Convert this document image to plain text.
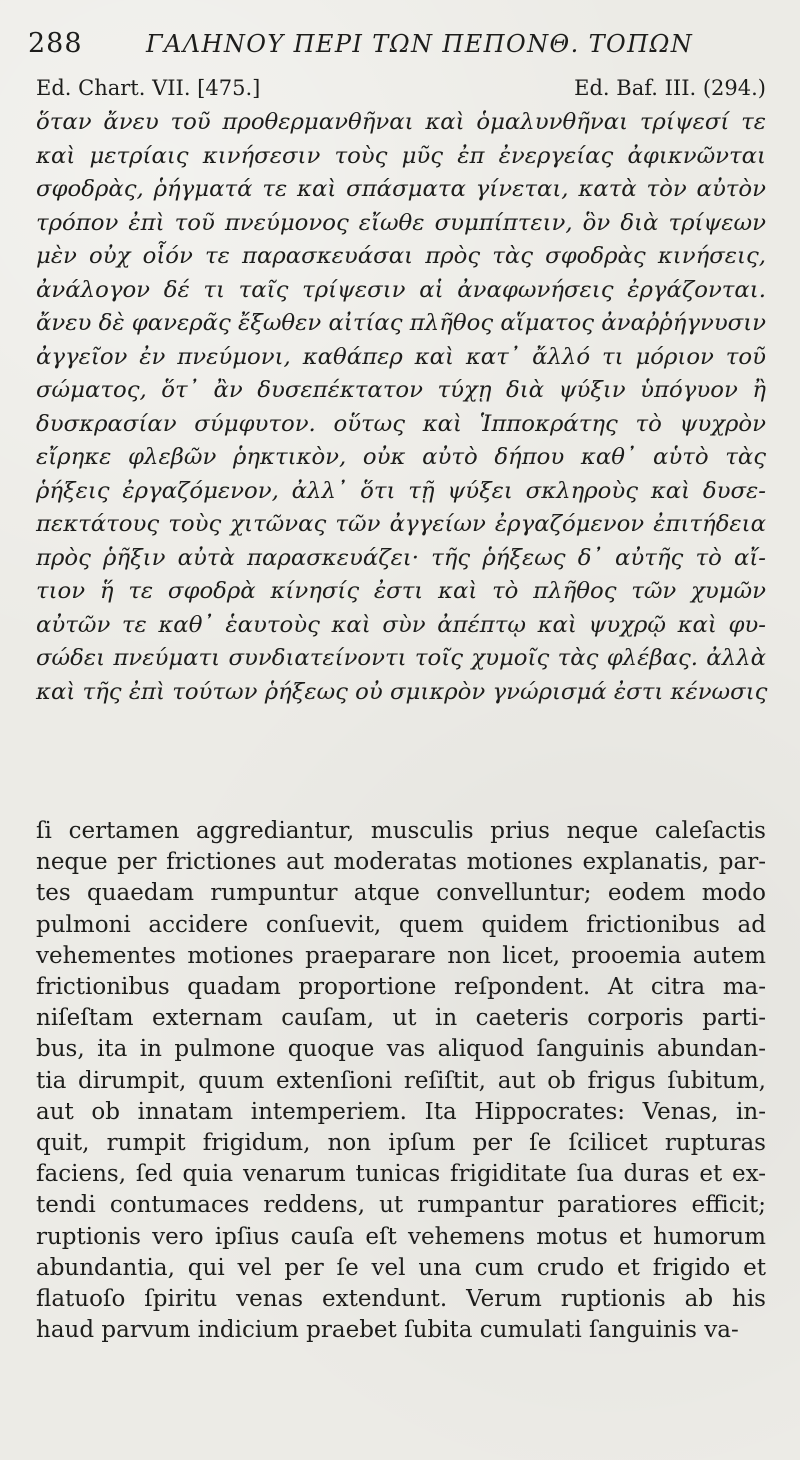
288	ΓΑΛΗΝΟΥ ΠΕΡΙ ΤΩΝ ΠΕΠΟΝΘ. ΤΟΠΩΝ
Ed. Chart. VII. [475.]	Ed. Baf. III. (294.)
ὅταν ἄνευ τοῦ προθερμανθῆναι καὶ ὁμαλυνθῆναι τρίψεσί τε
καὶ μετρίαις κινήσεσιν τοὺς μῦς ἐπ ἐνεργείας ἀφικνῶνται
σφοδρὰς, ῥήγματά τε καὶ σπάσματα γίνεται, κατὰ τὸν αὐτὸν
τρόπον ἐπὶ τοῦ πνεύμονος εἴωθε συμπίπτειν, ὃν διὰ τρίψεων
μὲν οὐχ οἷόν τε παρασκευάσαι πρὸς τὰς σφοδρὰς κινήσεις,
ἀνάλογον δέ τι ταῖς τρίψεσιν αἱ ἀναφωνήσεις ἐργάζονται.
ἄνευ δὲ φανερᾶς ἔξωθεν αἰτίας πλῆθος αἵματος ἀναῤῥήγνυσιν
ἀγγεῖον ἐν πνεύμονι, καθάπερ καὶ κατ᾽ ἄλλό τι μόριον τοῦ
σώματος, ὅτ᾽ ἂν δυσεπέκτατον τύχῃ διὰ ψύξιν ὑπόγυον ἢ
δυσκρασίαν σύμφυτον. οὕτως καὶ Ἱπποκράτης τὸ ψυχρὸν
εἴρηκε φλεβῶν ῥηκτικὸν, οὐκ αὐτὸ δήπου καθ᾽ αὑτὸ τὰς
ῥήξεις ἐργαζόμενον, ἀλλ᾽ ὅτι τῇ ψύξει σκληροὺς καὶ δυσε-
πεκτάτους τοὺς χιτῶνας τῶν ἀγγείων ἐργαζόμενον ἐπιτήδεια
πρὸς ῥῆξιν αὐτὰ παρασκευάζει· τῆς ῥήξεως δ᾽ αὐτῆς τὸ αἴ-
τιον ἥ τε σφοδρὰ κίνησίς ἐστι καὶ τὸ πλῆθος τῶν χυμῶν
αὐτῶν τε καθ᾽ ἑαυτοὺς καὶ σὺν ἀπέπτῳ καὶ ψυχρῷ καὶ φυ-
σώδει πνεύματι συνδιατείνοντι τοῖς χυμοῖς τὰς φλέβας. ἀλλὰ
καὶ τῆς ἐπὶ τούτων ῥήξεως οὐ σμικρὸν γνώρισμά ἐστι κένωσις
ſi certamen aggrediantur, musculis prius neque caleſactis
neque per frictiones aut moderatas motiones explanatis, par-
tes quaedam rumpuntur atque convelluntur; eodem modo
pulmoni accidere conſuevit, quem quidem frictionibus ad
vehementes motiones praeparare non licet, prooemia autem
frictionibus quadam proportione reſpondent. At citra ma-
niſeſtam externam cauſam, ut in caeteris corporis parti-
bus, ita in pulmone quoque vas aliquod ſanguinis abundan-
tia dirumpit, quum extenſioni reſiſtit, aut ob frigus ſubitum,
aut ob innatam intemperiem. Ita Hippocrates: Venas, in-
quit, rumpit frigidum, non ipſum per ſe ſcilicet rupturas
faciens, ſed quia venarum tunicas frigiditate ſua duras et ex-
tendi contumaces reddens, ut rumpantur paratiores efficit;
ruptionis vero ipſius cauſa eſt vehemens motus et humorum
abundantia, qui vel per ſe vel una cum crudo et frigido et
flatuoſo ſpiritu venas extendunt. Verum ruptionis ab his
haud parvum indicium praebet ſubita cumulati ſanguinis va-
